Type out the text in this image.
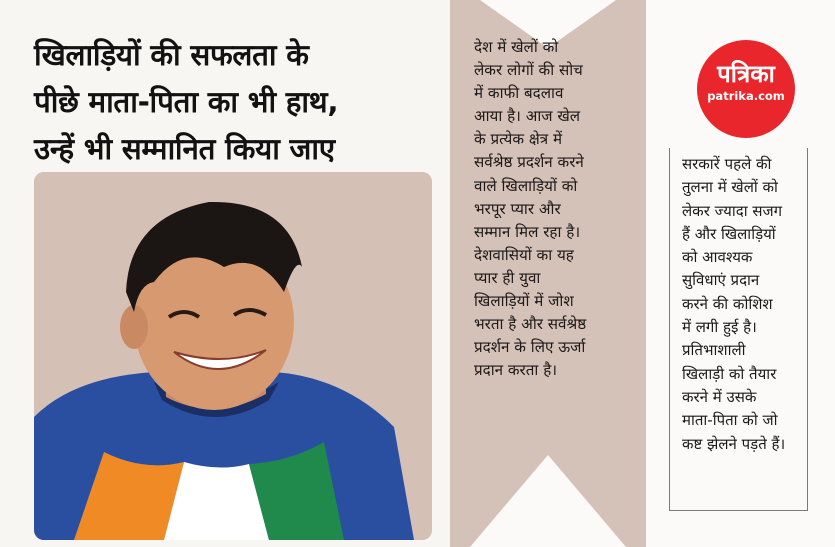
खिलाड़ियों की सफलता के
पीछे माता-पिता का भी हाथ,
उन्हें भी सम्मानित किया जाए
देश में खेलों को
लेकर लोगों की सोच
में काफी बदलाव
आया है। आज खेल
के प्रत्येक क्षेत्र में
सर्वश्रेष्ठ प्रदर्शन करने
वाले खिलाड़ियों को
भरपूर प्यार और
सम्मान मिल रहा है।
देशवासियों का यह
प्यार ही युवा
खिलाड़ियों में जोश
भरता है और सर्वश्रेष्ठ
प्रदर्शन के लिए ऊर्जा
प्रदान करता है।
पत्रिका
patrika.com
सरकारें पहले की
तुलना में खेलों को
लेकर ज्यादा सजग
हैं और खिलाड़ियों
को आवश्यक
सुविधाएं प्रदान
करने की कोशिश
में लगी हुई है।
प्रतिभाशाली
खिलाड़ी को तैयार
करने में उसके
माता-पिता को जो
कष्ट झेलने पड़ते हैं।
